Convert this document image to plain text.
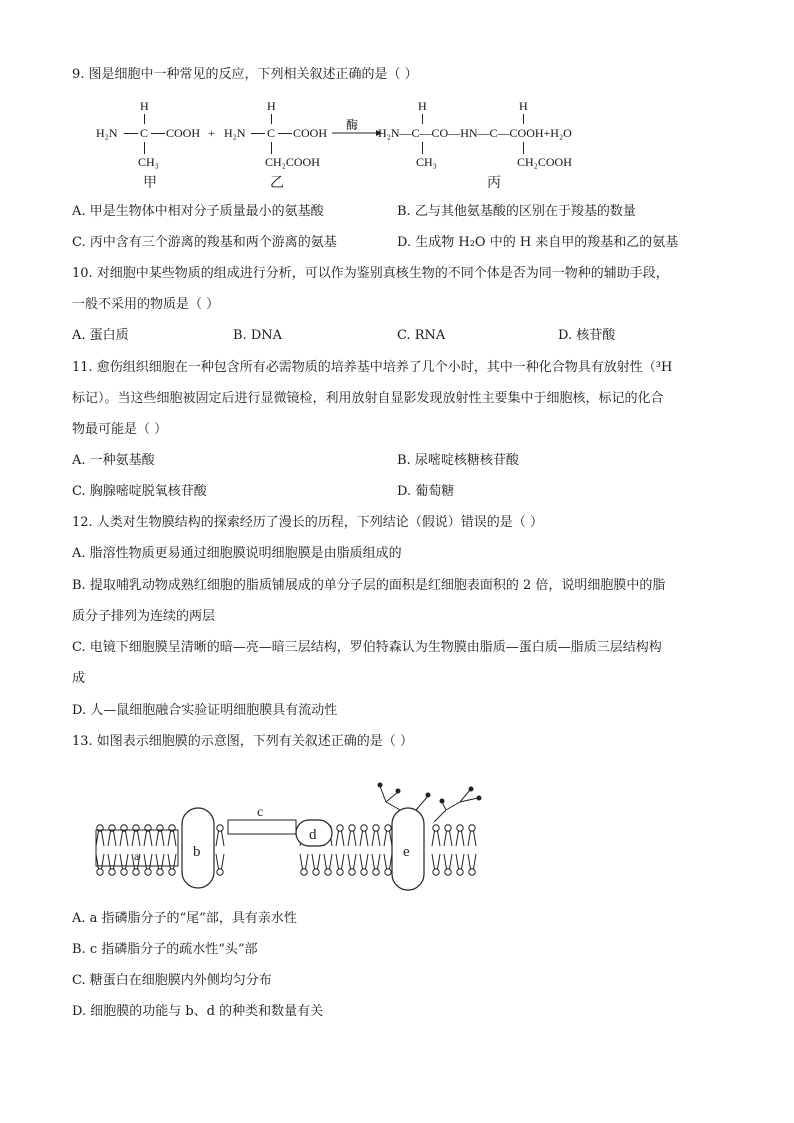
9. 图是细胞中一种常见的反应，下列相关叙述正确的是（ ）
H
H₂N C COOH
CH₃
+
H
H₂N C COOH
CH₂COOH
酶
H	H
H₂N—C—CO—HN—C—COOH+H₂O
CH₃	CH₂COOH
甲	乙	丙
A. 甲是生物体中相对分子质量最小的氨基酸	B. 乙与其他氨基酸的区别在于羧基的数量
C. 丙中含有三个游离的羧基和两个游离的氨基	D. 生成物 H₂O 中的 H 来自甲的羧基和乙的氨基
10. 对细胞中某些物质的组成进行分析，可以作为鉴别真核生物的不同个体是否为同一物种的辅助手段，
一般不采用的物质是（ ）
A. 蛋白质	B. DNA	C. RNA	D. 核苷酸
11. 愈伤组织细胞在一种包含所有必需物质的培养基中培养了几个小时，其中一种化合物具有放射性（³H
标记）。当这些细胞被固定后进行显微镜检，利用放射自显影发现放射性主要集中于细胞核，标记的化合
物最可能是（ ）
A. 一种氨基酸	B. 尿嘧啶核糖核苷酸
C. 胸腺嘧啶脱氧核苷酸	D. 葡萄糖
12. 人类对生物膜结构的探索经历了漫长的历程，下列结论（假说）错误的是（ ）
A. 脂溶性物质更易通过细胞膜说明细胞膜是由脂质组成的
B. 提取哺乳动物成熟红细胞的脂质铺展成的单分子层的面积是红细胞表面积的 2 倍，说明细胞膜中的脂
质分子排列为连续的两层
C. 电镜下细胞膜呈清晰的暗—亮—暗三层结构，罗伯特森认为生物膜由脂质—蛋白质—脂质三层结构构
成
D. 人—鼠细胞融合实验证明细胞膜具有流动性
13. 如图表示细胞膜的示意图，下列有关叙述正确的是（ ）
a	b
c
d
e
A. a 指磷脂分子的“尾”部，具有亲水性
B. c 指磷脂分子的疏水性“头”部
C. 糖蛋白在细胞膜内外侧均匀分布
D. 细胞膜的功能与 b、d 的种类和数量有关
